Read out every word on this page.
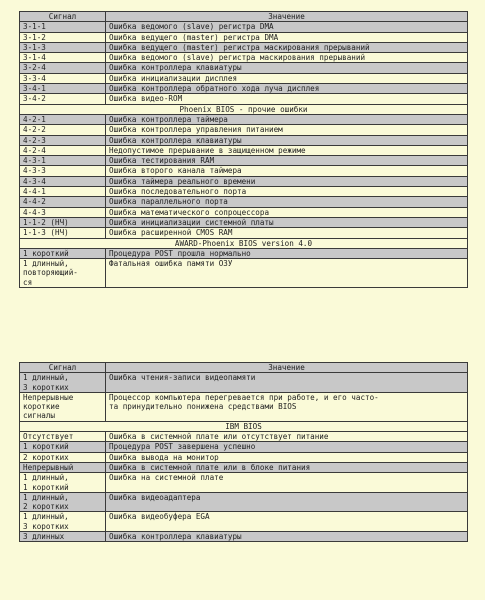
Сигнал	Значение
3-1-1	Ошибка ведомого (slave) регистра DMA
3-1-2	Ошибка ведущего (master) регистра DMA
3-1-3	Ошибка ведущего (master) регистра маскирования прерываний
3-1-4	Ошибка ведомого (slave) регистра маскирования прерываний
3-2-4	Ошибка контроллера клавиатуры
3-3-4	Ошибка инициализации дисплея
3-4-1	Ошибка контроллера обратного хода луча дисплея
3-4-2	Ошибка видео-ROM
Phoenix BIOS - прочие ошибки	
4-2-1	Ошибка контроллера таймера
4-2-2	Ошибка контроллера управления питанием
4-2-3	Ошибка контроллера клавиатуры
4-2-4	Недопустимое прерывание в защищенном режиме
4-3-1	Ошибка тестирования RAM
4-3-3	Ошибка второго канала таймера
4-3-4	Ошибка таймера реального времени
4-4-1	Ошибка последовательного порта
4-4-2	Ошибка параллельного порта
4-4-3	Ошибка математического сопроцессора
1-1-2 (НЧ)	Ошибка инициализации системной платы
1-1-3 (НЧ)	Ошибка расширенной CMOS RAM
AWARD-Phoenix BIOS version 4.0	
1 короткий	Процедура POST прошла нормально
1 длинный,
повторяющий-
ся	Фатальная ошибка памяти ОЗУ
Сигнал	Значение
1 длинный,
3 коротких	Ошибка чтения-записи видеопамяти
Непрерывные
короткие
сигналы	Процессор компьютера перегревается при работе, и его часто-
та принудительно понижена средствами BIOS
IBM BIOS	
Отсутствует	Ошибка в системной плате или отсутствует питание
1 короткий	Процедура POST завершена успешно
2 коротких	Ошибка вывода на монитор
Непрерывный	Ошибка в системной плате или в блоке питания
1 длинный,
1 короткий	Ошибка на системной плате
1 длинный,
2 коротких	Ошибка видеоадаптера
1 длинный,
3 коротких	Ошибка видеобуфера EGA
3 длинных	Ошибка контроллера клавиатуры
